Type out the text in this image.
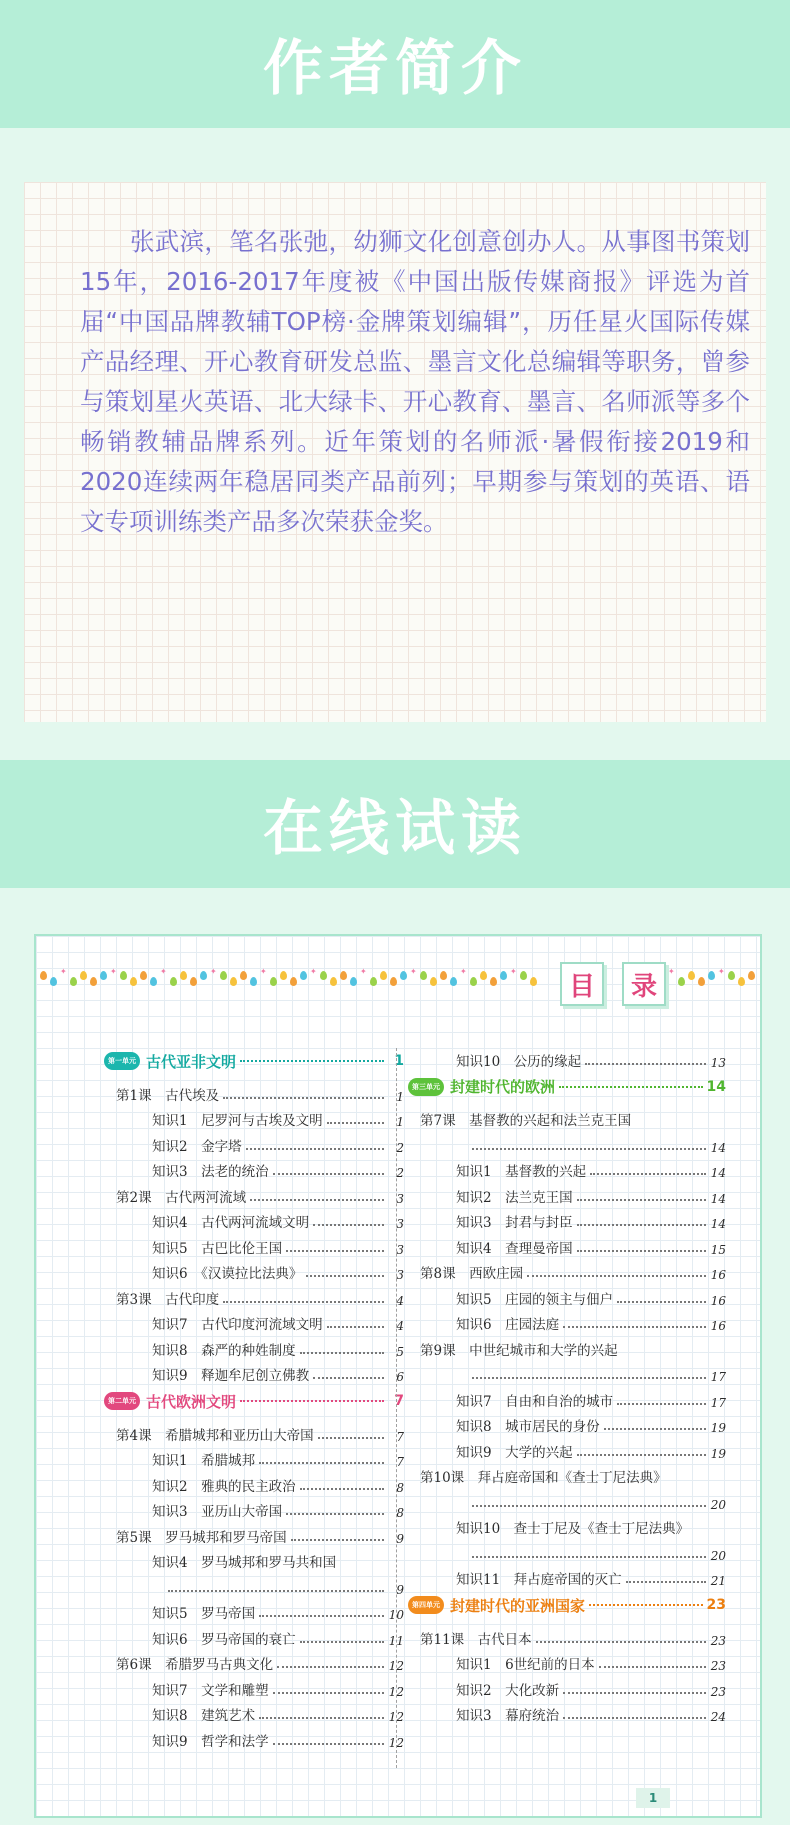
作者简介

张武滨，笔名张弛，幼狮文化创意创办人。从事图书策划15年，2016-2017年度被《中国出版传媒商报》评选为首届“中国品牌教辅TOP榜·金牌策划编辑”，历任星火国际传媒产品经理、开心教育研发总监、墨言文化总编辑等职务，曾参与策划星火英语、北大绿卡、开心教育、墨言、名师派等多个畅销教辅品牌系列。近年策划的名师派·暑假衔接2019和2020连续两年稳居同类产品前列；早期参与策划的英语、语文专项训练类产品多次荣获金奖。

在线试读
✦	✦	✦	✦	✦	✦	✦	✦	✦	✦	✦	✦
目	录
第一单元 古代亚非文明	1
第1课　古代埃及	1
知识1　尼罗河与古埃及文明	1
知识2　金字塔	2
知识3　法老的统治	2
第2课　古代两河流域	3
知识4　古代两河流域文明	3
知识5　古巴比伦王国	3
知识6　《汉谟拉比法典》	3
第3课　古代印度	4
知识7　古代印度河流域文明	4
知识8　森严的种姓制度	5
知识9　释迦牟尼创立佛教	6
第二单元 古代欧洲文明	7
第4课　希腊城邦和亚历山大帝国	7
知识1　希腊城邦	7
知识2　雅典的民主政治	8
知识3　亚历山大帝国	8
第5课　罗马城邦和罗马帝国	9
知识4　罗马城邦和罗马共和国
9
知识5　罗马帝国	10
知识6　罗马帝国的衰亡	11
第6课　希腊罗马古典文化	12
知识7　文学和雕塑	12
知识8　建筑艺术	12
知识9　哲学和法学	12
知识10　公历的缘起	13
第三单元 封建时代的欧洲	14
第7课　基督教的兴起和法兰克王国
14
知识1　基督教的兴起	14
知识2　法兰克王国	14
知识3　封君与封臣	14
知识4　查理曼帝国	15
第8课　西欧庄园	16
知识5　庄园的领主与佃户	16
知识6　庄园法庭	16
第9课　中世纪城市和大学的兴起
17
知识7　自由和自治的城市	17
知识8　城市居民的身份	19
知识9　大学的兴起	19
第10课　拜占庭帝国和《查士丁尼法典》
20
知识10　查士丁尼及《查士丁尼法典》
20
知识11　拜占庭帝国的灭亡	21
第四单元 封建时代的亚洲国家	23
第11课　古代日本	23
知识1　6世纪前的日本	23
知识2　大化改新	23
知识3　幕府统治	24
1
